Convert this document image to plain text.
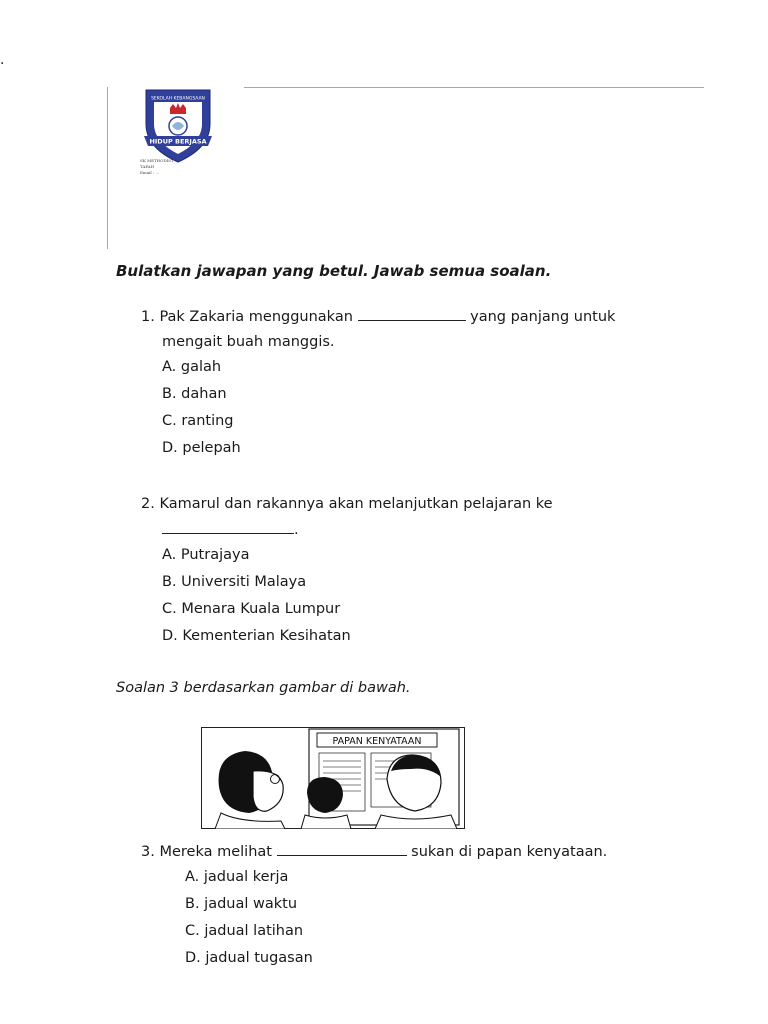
.
SEKOLAH KEBANGSAAN
HIDUP BERJASA
SK METHODIST
TAPAH
Email : ...
Bulatkan jawapan yang betul. Jawab semua soalan.
1. Pak Zakaria menggunakan	yang panjang untuk
mengait buah manggis.
A. galah
B. dahan
C. ranting
D. pelepah
2. Kamarul dan rakannya akan melanjutkan pelajaran ke
.
A. Putrajaya
B. Universiti Malaya
C. Menara Kuala Lumpur
D. Kementerian Kesihatan
Soalan 3 berdasarkan gambar di bawah.
PAPAN KENYATAAN
3. Mereka melihat	sukan di papan kenyataan.
A. jadual kerja
B. jadual waktu
C. jadual latihan
D. jadual tugasan
